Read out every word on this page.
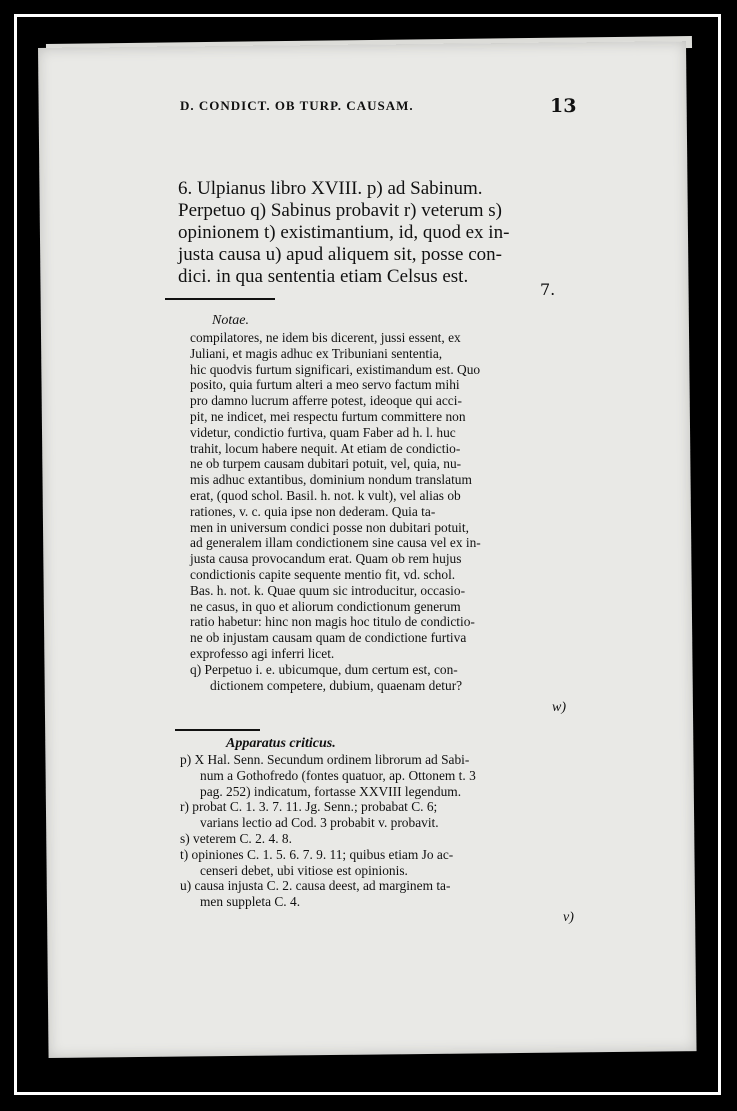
D. CONDICT. OB TURP. CAUSAM.	13
6. Ulpianus libro XVIII. p) ad Sabinum.
Perpetuo q) Sabinus probavit r) veterum s)
opinionem t) existimantium, id, quod ex in-
justa causa u) apud aliquem sit, posse con-
dici. in qua sententia etiam Celsus est.
7.
Notae.
compilatores, ne idem bis dicerent, jussi essent, ex
Juliani, et magis adhuc ex Tribuniani sententia,
hic quodvis furtum significari, existimandum est. Quo
posito, quia furtum alteri a meo servo factum mihi
pro damno lucrum afferre potest, ideoque qui acci-
pit, ne indicet, mei respectu furtum committere non
videtur, condictio furtiva, quam Faber ad h. l. huc
trahit, locum habere nequit. At etiam de condictio-
ne ob turpem causam dubitari potuit, vel, quia, nu-
mis adhuc extantibus, dominium nondum translatum
erat, (quod schol. Basil. h. not. k vult), vel alias ob
rationes, v. c. quia ipse non dederam. Quia ta-
men in universum condici posse non dubitari potuit,
ad generalem illam condictionem sine causa vel ex in-
justa causa provocandum erat. Quam ob rem hujus
condictionis capite sequente mentio fit, vd. schol.
Bas. h. not. k. Quae quum sic introducitur, occasio-
ne casus, in quo et aliorum condictionum generum
ratio habetur: hinc non magis hoc titulo de condictio-
ne ob injustam causam quam de condictione furtiva
exprofesso agi inferri licet.
q) Perpetuo i. e. ubicumque, dum certum est, con-
dictionem competere, dubium, quaenam detur?
w)
Apparatus criticus.
p) X Hal. Senn. Secundum ordinem librorum ad Sabi-
num a Gothofredo (fontes quatuor, ap. Ottonem t. 3
pag. 252) indicatum, fortasse XXVIII legendum.
r) probat C. 1. 3. 7. 11. Jg. Senn.; probabat C. 6;
varians lectio ad Cod. 3 probabit v. probavit.
s) veterem C. 2. 4. 8.
t) opiniones C. 1. 5. 6. 7. 9. 11; quibus etiam Jo ac-
censeri debet, ubi vitiose est opinionis.
u) causa injusta C. 2. causa deest, ad marginem ta-
men suppleta C. 4.
v)
